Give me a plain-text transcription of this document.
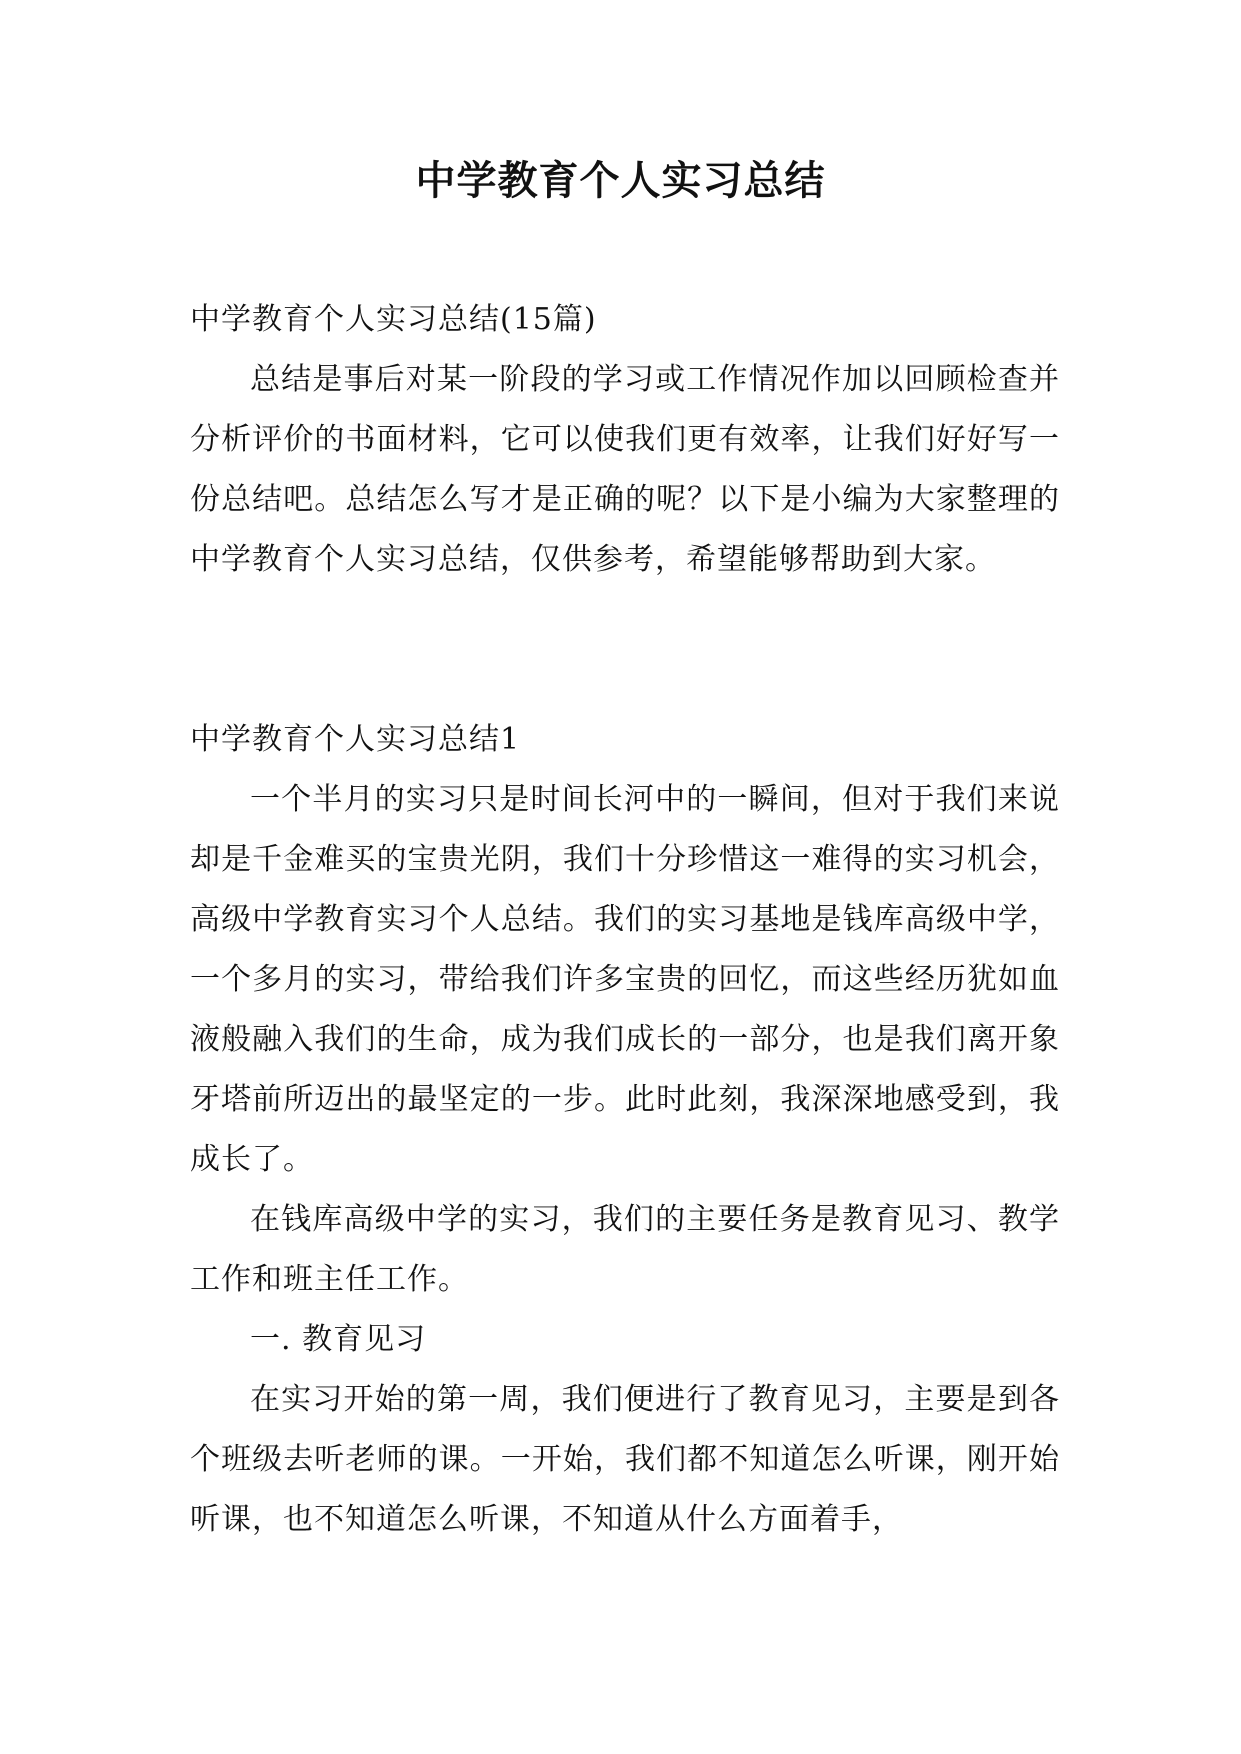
中学教育个人实习总结

中学教育个人实习总结(15篇)

总结是事后对某一阶段的学习或工作情况作加以回顾检查并分析评价的书面材料，它可以使我们更有效率，让我们好好写一份总结吧。总结怎么写才是正确的呢？以下是小编为大家整理的中学教育个人实习总结，仅供参考，希望能够帮助到大家。

中学教育个人实习总结1

一个半月的实习只是时间长河中的一瞬间，但对于我们来说却是千金难买的宝贵光阴，我们十分珍惜这一难得的实习机会，高级中学教育实习个人总结。我们的实习基地是钱库高级中学，一个多月的实习，带给我们许多宝贵的回忆，而这些经历犹如血液般融入我们的生命，成为我们成长的一部分，也是我们离开象牙塔前所迈出的最坚定的一步。此时此刻，我深深地感受到，我成长了。

在钱库高级中学的实习，我们的主要任务是教育见习、教学工作和班主任工作。

一. 教育见习

在实习开始的第一周，我们便进行了教育见习，主要是到各个班级去听老师的课。一开始，我们都不知道怎么听课，刚开始听课，也不知道怎么听课，不知道从什么方面着手，
